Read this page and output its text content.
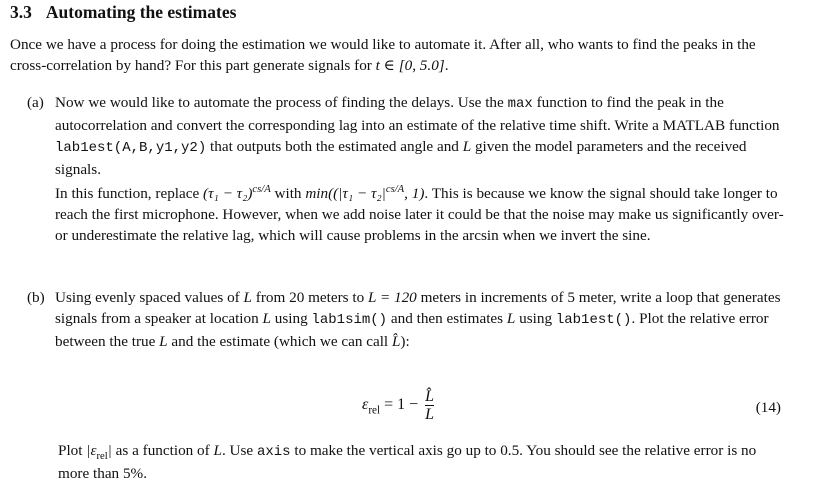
3.3 Automating the estimates
Once we have a process for doing the estimation we would like to automate it. After all, who wants to find the peaks in the cross-correlation by hand? For this part generate signals for t ∈ [0, 5.0].
(a) Now we would like to automate the process of finding the delays. Use the max function to find the peak in the autocorrelation and convert the corresponding lag into an estimate of the relative time shift. Write a MATLAB function lab1est(A,B,y1,y2) that outputs both the estimated angle and L given the model parameters and the received signals.

In this function, replace $(\tau_1 - \tau_2)^{cs/A}$ with $\min((|\tau_1 - \tau_2|^{cs/A}$, 1). This is because we know the signal should take longer to reach the first microphone. However, when we add noise later it could be that the noise may make us significantly over- or underestimate the relative lag, which will cause problems in the arcsin when we invert the sine.

(b) Using evenly spaced values of L from 20 meters to L = 120 meters in increments of 5 meter, write a loop that generates signals from a speaker at location L using lab1sim() and then estimates L using lab1est(). Plot the relative error between the true L and the estimate (which we can call L̂):

$\varepsilon_{rel} = 1 - \frac{L̂}{L}$	(14)
Plot $|\varepsilon_{rel}|$ as a function of L. Use axis to make the vertical axis go up to 0.5. You should see the relative error is no more than 5%.
